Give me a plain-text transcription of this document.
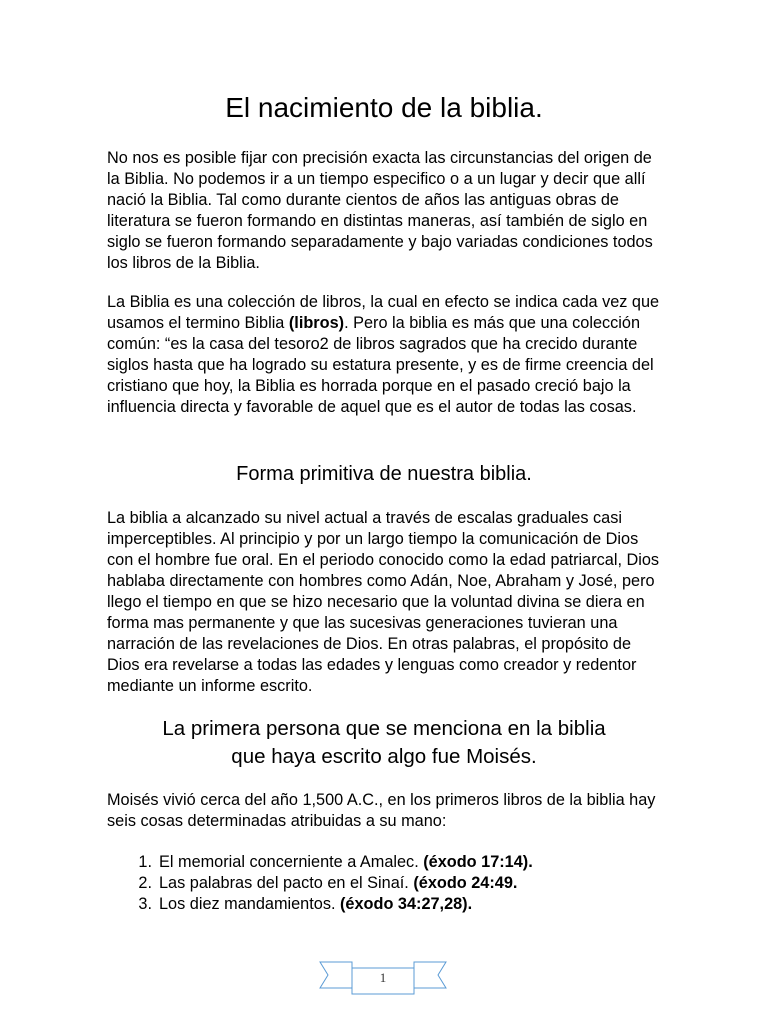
El nacimiento de la biblia.

No nos es posible fijar con precisión exacta las circunstancias del origen de la Biblia. No podemos ir a un tiempo especifico o a un lugar y decir que allí nació la Biblia. Tal como durante cientos de años las antiguas obras de literatura se fueron formando en distintas maneras, así también de siglo en siglo se fueron formando separadamente y bajo variadas condiciones todos los libros de la Biblia.

La Biblia es una colección de libros, la cual en efecto se indica cada vez que usamos el termino Biblia (libros). Pero la biblia es más que una colección común: “es la casa del tesoro2 de libros sagrados que ha crecido durante siglos hasta que ha logrado su estatura presente, y es de firme creencia del cristiano que hoy, la Biblia es horrada porque en el pasado creció bajo la influencia directa y favorable de aquel que es el autor de todas las cosas.

Forma primitiva de nuestra biblia.

La biblia a alcanzado su nivel actual a través de escalas graduales casi imperceptibles. Al principio y por un largo tiempo la comunicación de Dios con el hombre fue oral. En el periodo conocido como la edad patriarcal, Dios hablaba directamente con hombres como Adán, Noe, Abraham y José, pero llego el tiempo en que se hizo necesario que la voluntad divina se diera en forma mas permanente y que las sucesivas generaciones tuvieran una narración de las revelaciones de Dios. En otras palabras, el propósito de Dios era revelarse a todas las edades y lenguas como creador y redentor mediante un informe escrito.

La primera persona que se menciona en la biblia
que haya escrito algo fue Moisés.

Moisés vivió cerca del año 1,500 A.C., en los primeros libros de la biblia hay seis cosas determinadas atribuidas a su mano:

1. El memorial concerniente a Amalec. (éxodo 17:14).
2. Las palabras del pacto en el Sinaí. (éxodo 24:49.
3. Los diez mandamientos. (éxodo 34:27,28).
1
